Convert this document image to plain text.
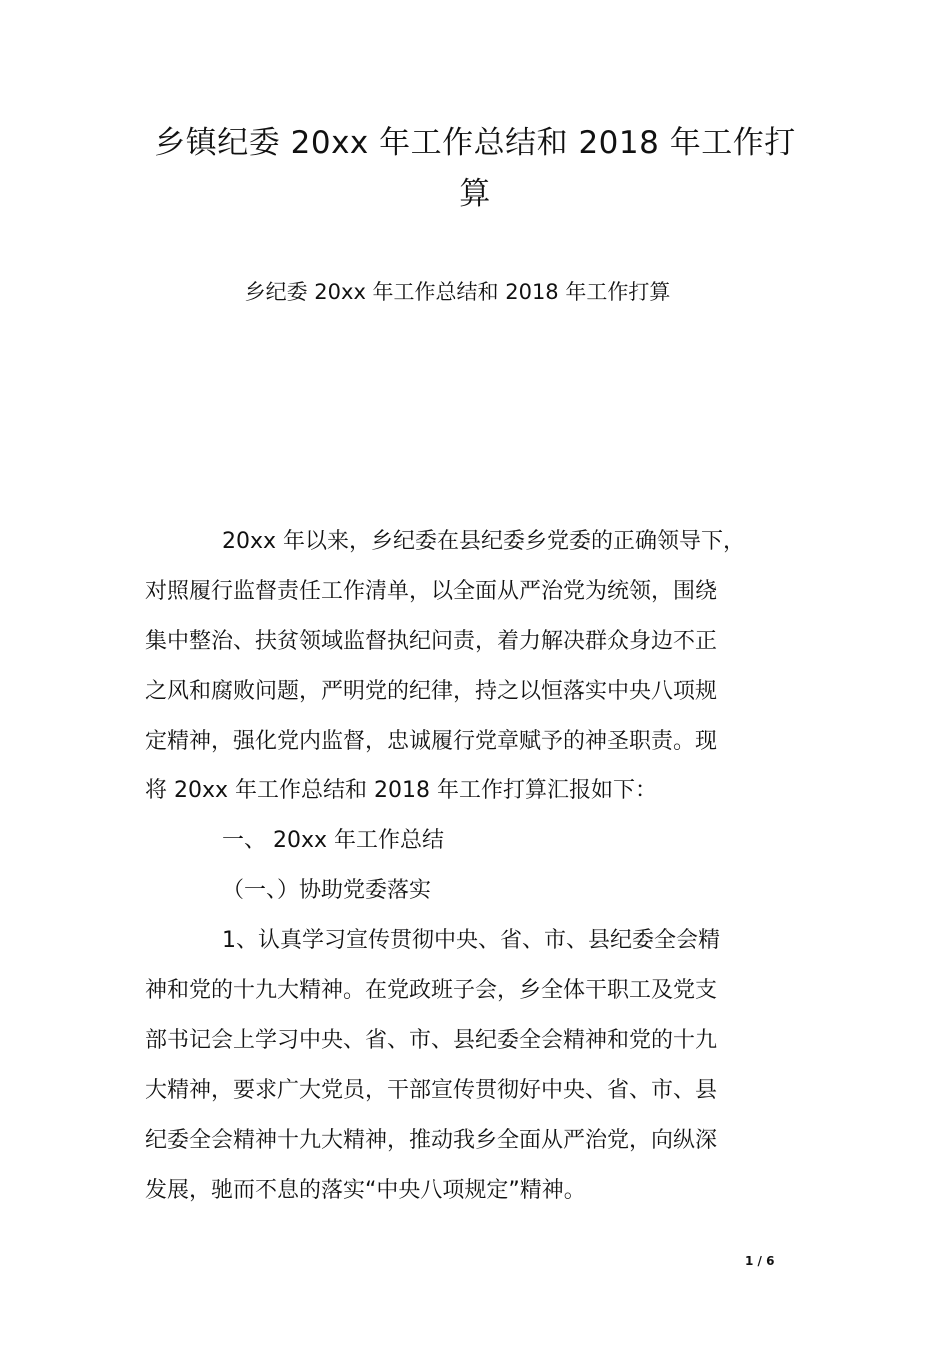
乡镇纪委 20xx 年工作总结和 2018 年工作打
算
乡纪委 20xx 年工作总结和 2018 年工作打算
20xx 年以来，乡纪委在县纪委乡党委的正确领导下，
对照履行监督责任工作清单，以全面从严治党为统领，围绕
集中整治、扶贫领域监督执纪问责，着力解决群众身边不正
之风和腐败问题，严明党的纪律，持之以恒落实中央八项规
定精神，强化党内监督，忠诚履行党章赋予的神圣职责。现
将 20xx 年工作总结和 2018 年工作打算汇报如下：
一、 20xx 年工作总结
（一、）协助党委落实
1、认真学习宣传贯彻中央、省、市、县纪委全会精
神和党的十九大精神。在党政班子会，乡全体干职工及党支
部书记会上学习中央、省、市、县纪委全会精神和党的十九
大精神，要求广大党员，干部宣传贯彻好中央、省、市、县
纪委全会精神十九大精神，推动我乡全面从严治党，向纵深
发展，驰而不息的落实“中央八项规定”精神。
1 / 6
